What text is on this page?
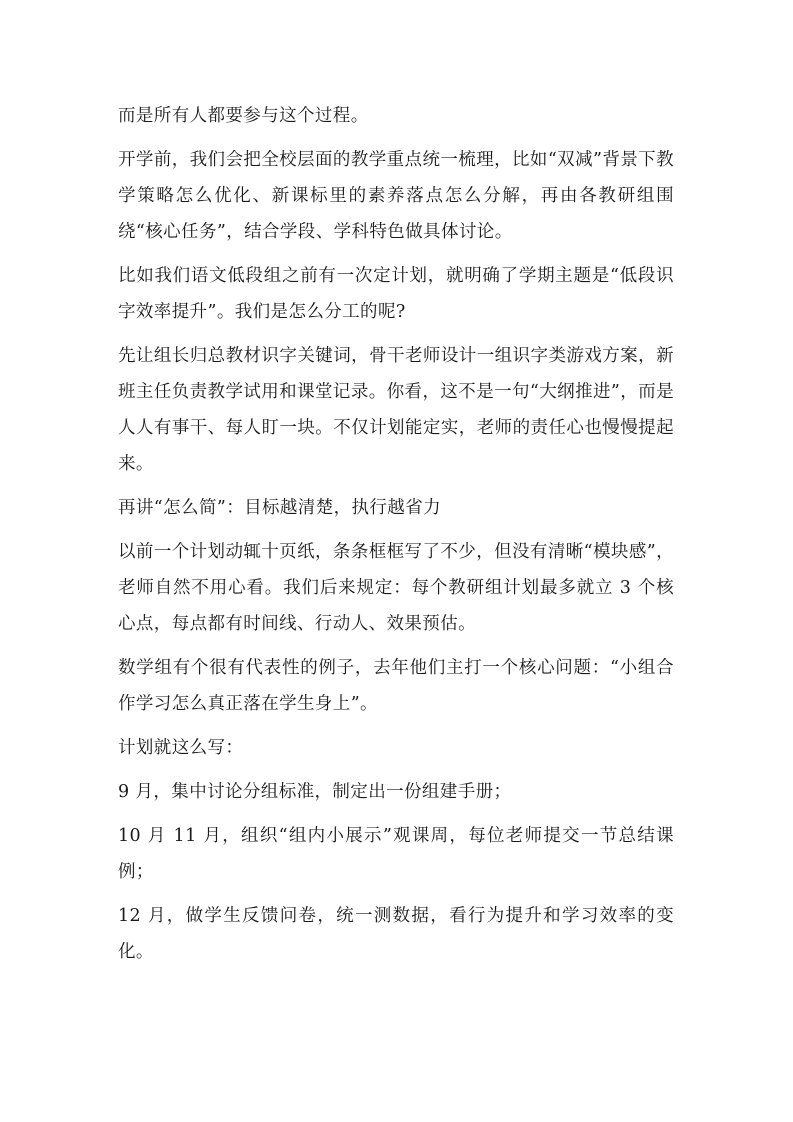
而是所有人都要参与这个过程。

开学前，我们会把全校层面的教学重点统一梳理，比如“双减”背景下教学策略怎么优化、新课标里的素养落点怎么分解，再由各教研组围绕“核心任务”，结合学段、学科特色做具体讨论。

比如我们语文低段组之前有一次定计划，就明确了学期主题是“低段识字效率提升”。我们是怎么分工的呢?

先让组长归总教材识字关键词，骨干老师设计一组识字类游戏方案，新班主任负责教学试用和课堂记录。你看，这不是一句“大纲推进”，而是人人有事干、每人盯一块。不仅计划能定实，老师的责任心也慢慢提起来。

再讲“怎么简”：目标越清楚，执行越省力

以前一个计划动辄十页纸，条条框框写了不少，但没有清晰“模块感”，老师自然不用心看。我们后来规定：每个教研组计划最多就立 3 个核心点，每点都有时间线、行动人、效果预估。

数学组有个很有代表性的例子，去年他们主打一个核心问题：“小组合作学习怎么真正落在学生身上”。

计划就这么写：

9 月，集中讨论分组标准，制定出一份组建手册；

10 月 11 月，组织“组内小展示”观课周，每位老师提交一节总结课例；

12 月，做学生反馈问卷，统一测数据，看行为提升和学习效率的变化。
